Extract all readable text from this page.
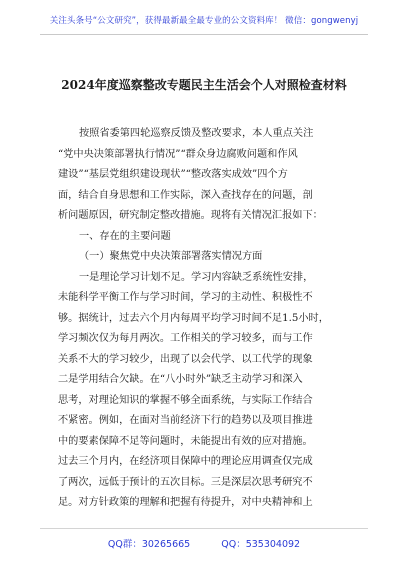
关注头条号“公文研究”，获得最新最全最专业的公文资料库！ 微信：gongwenyj
2024年度巡察整改专题民主生活会个人对照检查材料
按照省委第四轮巡察反馈及整改要求，本人重点关注
“党中央决策部署执行情况”“群众身边腐败问题和作风
建设”“基层党组织建设现状”“整改落实成效”四个方
面，结合自身思想和工作实际，深入查找存在的问题，剖
析问题原因，研究制定整改措施。现将有关情况汇报如下：
一、存在的主要问题
（一）聚焦党中央决策部署落实情况方面
一是理论学习计划不足。学习内容缺乏系统性安排，
未能科学平衡工作与学习时间，学习的主动性、积极性不
够。据统计，过去六个月内每周平均学习时间不足1.5小时，
学习频次仅为每月两次。工作相关的学习较多，而与工作
关系不大的学习较少，出现了以会代学、以工代学的现象
二是学用结合欠缺。在“八小时外”缺乏主动学习和深入
思考，对理论知识的掌握不够全面系统，与实际工作结合
不紧密。例如，在面对当前经济下行的趋势以及项目推进
中的要素保障不足等问题时，未能提出有效的应对措施。
过去三个月内，在经济项目保障中的理论应用调查仅完成
了两次，远低于预计的五次目标。三是深层次思考研究不
足。对方针政策的理解和把握有待提升，对中央精神和上
QQ群：30265665	QQ：535304092
